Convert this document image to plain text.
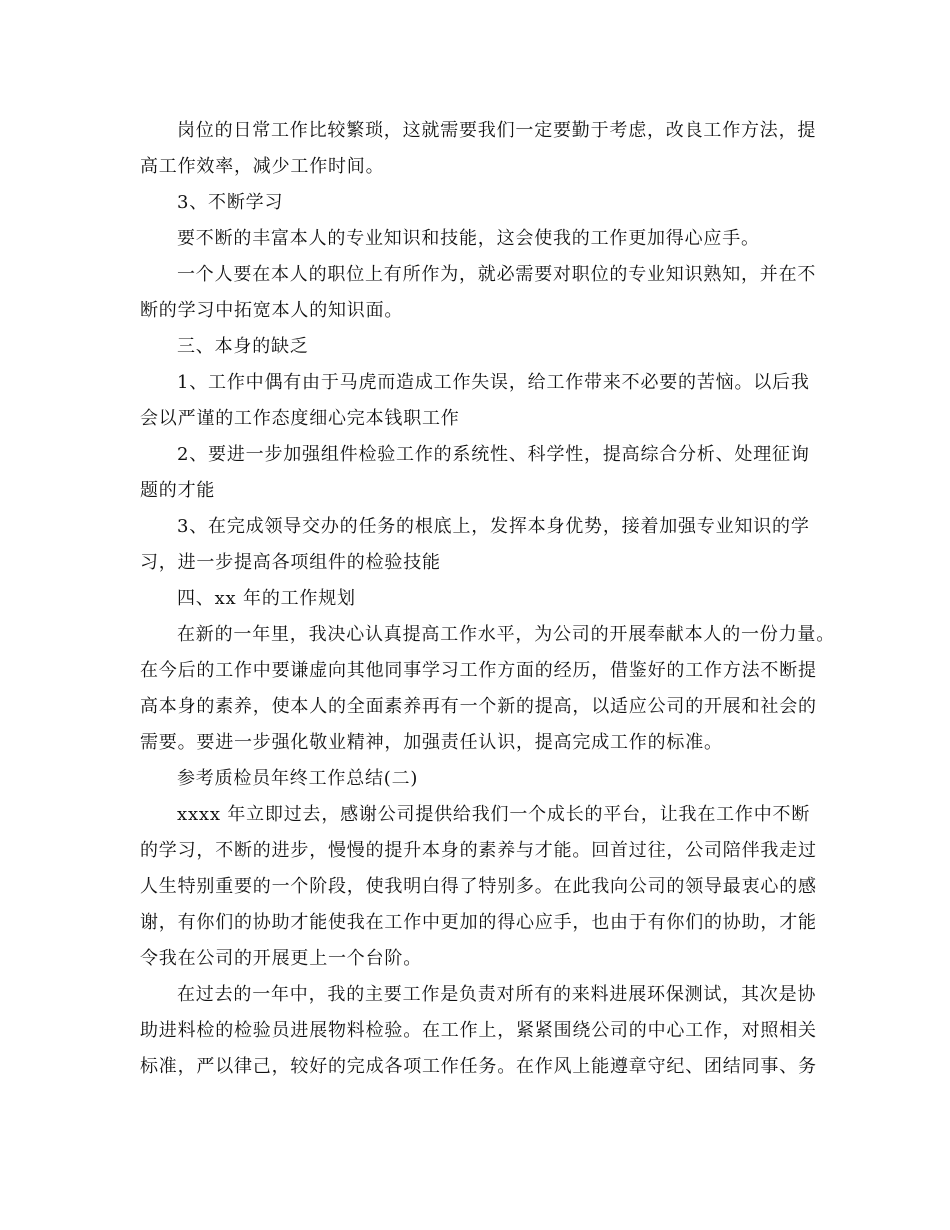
岗位的日常工作比较繁琐，这就需要我们一定要勤于考虑，改良工作方法，提

高工作效率，减少工作时间。

3、不断学习

要不断的丰富本人的专业知识和技能，这会使我的工作更加得心应手。

一个人要在本人的职位上有所作为，就必需要对职位的专业知识熟知，并在不

断的学习中拓宽本人的知识面。

三、本身的缺乏

1、工作中偶有由于马虎而造成工作失误，给工作带来不必要的苦恼。以后我

会以严谨的工作态度细心完本钱职工作

2、要进一步加强组件检验工作的系统性、科学性，提高综合分析、处理征询

题的才能

3、在完成领导交办的任务的根底上，发挥本身优势，接着加强专业知识的学

习，进一步提高各项组件的检验技能

四、xx 年的工作规划

在新的一年里，我决心认真提高工作水平，为公司的开展奉献本人的一份力量。

在今后的工作中要谦虚向其他同事学习工作方面的经历，借鉴好的工作方法不断提

高本身的素养，使本人的全面素养再有一个新的提高，以适应公司的开展和社会的

需要。要进一步强化敬业精神，加强责任认识，提高完成工作的标准。

参考质检员年终工作总结(二)

xxxx 年立即过去，感谢公司提供给我们一个成长的平台，让我在工作中不断

的学习，不断的进步，慢慢的提升本身的素养与才能。回首过往，公司陪伴我走过

人生特别重要的一个阶段，使我明白得了特别多。在此我向公司的领导最衷心的感

谢，有你们的协助才能使我在工作中更加的得心应手，也由于有你们的协助，才能

令我在公司的开展更上一个台阶。

在过去的一年中，我的主要工作是负责对所有的来料进展环保测试，其次是协

助进料检的检验员进展物料检验。在工作上，紧紧围绕公司的中心工作，对照相关

标准，严以律己，较好的完成各项工作任务。在作风上能遵章守纪、团结同事、务
